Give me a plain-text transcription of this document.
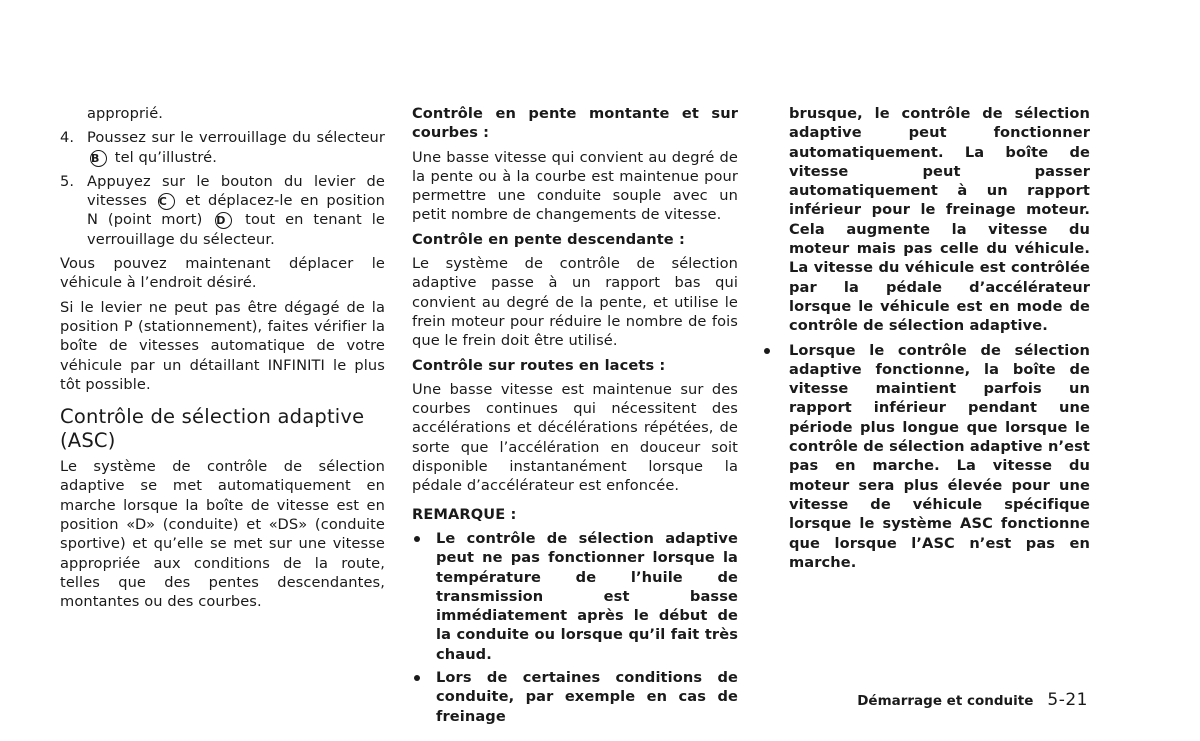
approprié.

4. Poussez sur le verrouillage du sélecteur B tel qu’illustré.
5. Appuyez sur le bouton du levier de vitesses C et déplacez-le en position N (point mort) D tout en tenant le verrouillage du sélecteur.

Vous pouvez maintenant déplacer le véhicule à l’endroit désiré.

Si le levier ne peut pas être dégagé de la position P (stationnement), faites vérifier la boîte de vitesses automatique de votre véhicule par un détaillant INFINITI le plus tôt possible.

Contrôle de sélection adaptive (ASC)

Le système de contrôle de sélection adaptive se met automatiquement en marche lorsque la boîte de vitesse est en position «D» (conduite) et «DS» (conduite sportive) et qu’elle se met sur une vitesse appropriée aux conditions de la route, telles que des pentes descendantes, montantes ou des courbes.

Contrôle en pente montante et sur courbes :

Une basse vitesse qui convient au degré de la pente ou à la courbe est maintenue pour permettre une conduite souple avec un petit nombre de changements de vitesse.

Contrôle en pente descendante :

Le système de contrôle de sélection adaptive passe à un rapport bas qui convient au degré de la pente, et utilise le frein moteur pour réduire le nombre de fois que le frein doit être utilisé.

Contrôle sur routes en lacets :

Une basse vitesse est maintenue sur des courbes continues qui nécessitent des accélérations et décélérations répétées, de sorte que l’accélération en douceur soit disponible instantanément lorsque la pédale d’accélérateur est enfoncée.

REMARQUE :

Le contrôle de sélection adaptive peut ne pas fonctionner lorsque la température de l’huile de transmission est basse immédiatement après le début de la conduite ou lorsque qu’il fait très chaud.
Lors de certaines conditions de conduite, par exemple en cas de freinage

brusque, le contrôle de sélection adaptive peut fonctionner automatiquement. La boîte de vitesse peut passer automatiquement à un rapport inférieur pour le freinage moteur. Cela augmente la vitesse du moteur mais pas celle du véhicule. La vitesse du véhicule est contrôlée par la pédale d’accélérateur lorsque le véhicule est en mode de contrôle de sélection adaptive.

Lorsque le contrôle de sélection adaptive fonctionne, la boîte de vitesse maintient parfois un rapport inférieur pendant une période plus longue que lorsque le contrôle de sélection adaptive n’est pas en marche. La vitesse du moteur sera plus élevée pour une vitesse de véhicule spécifique lorsque le système ASC fonctionne que lorsque l’ASC n’est pas en marche.
Démarrage et conduite 5-21
